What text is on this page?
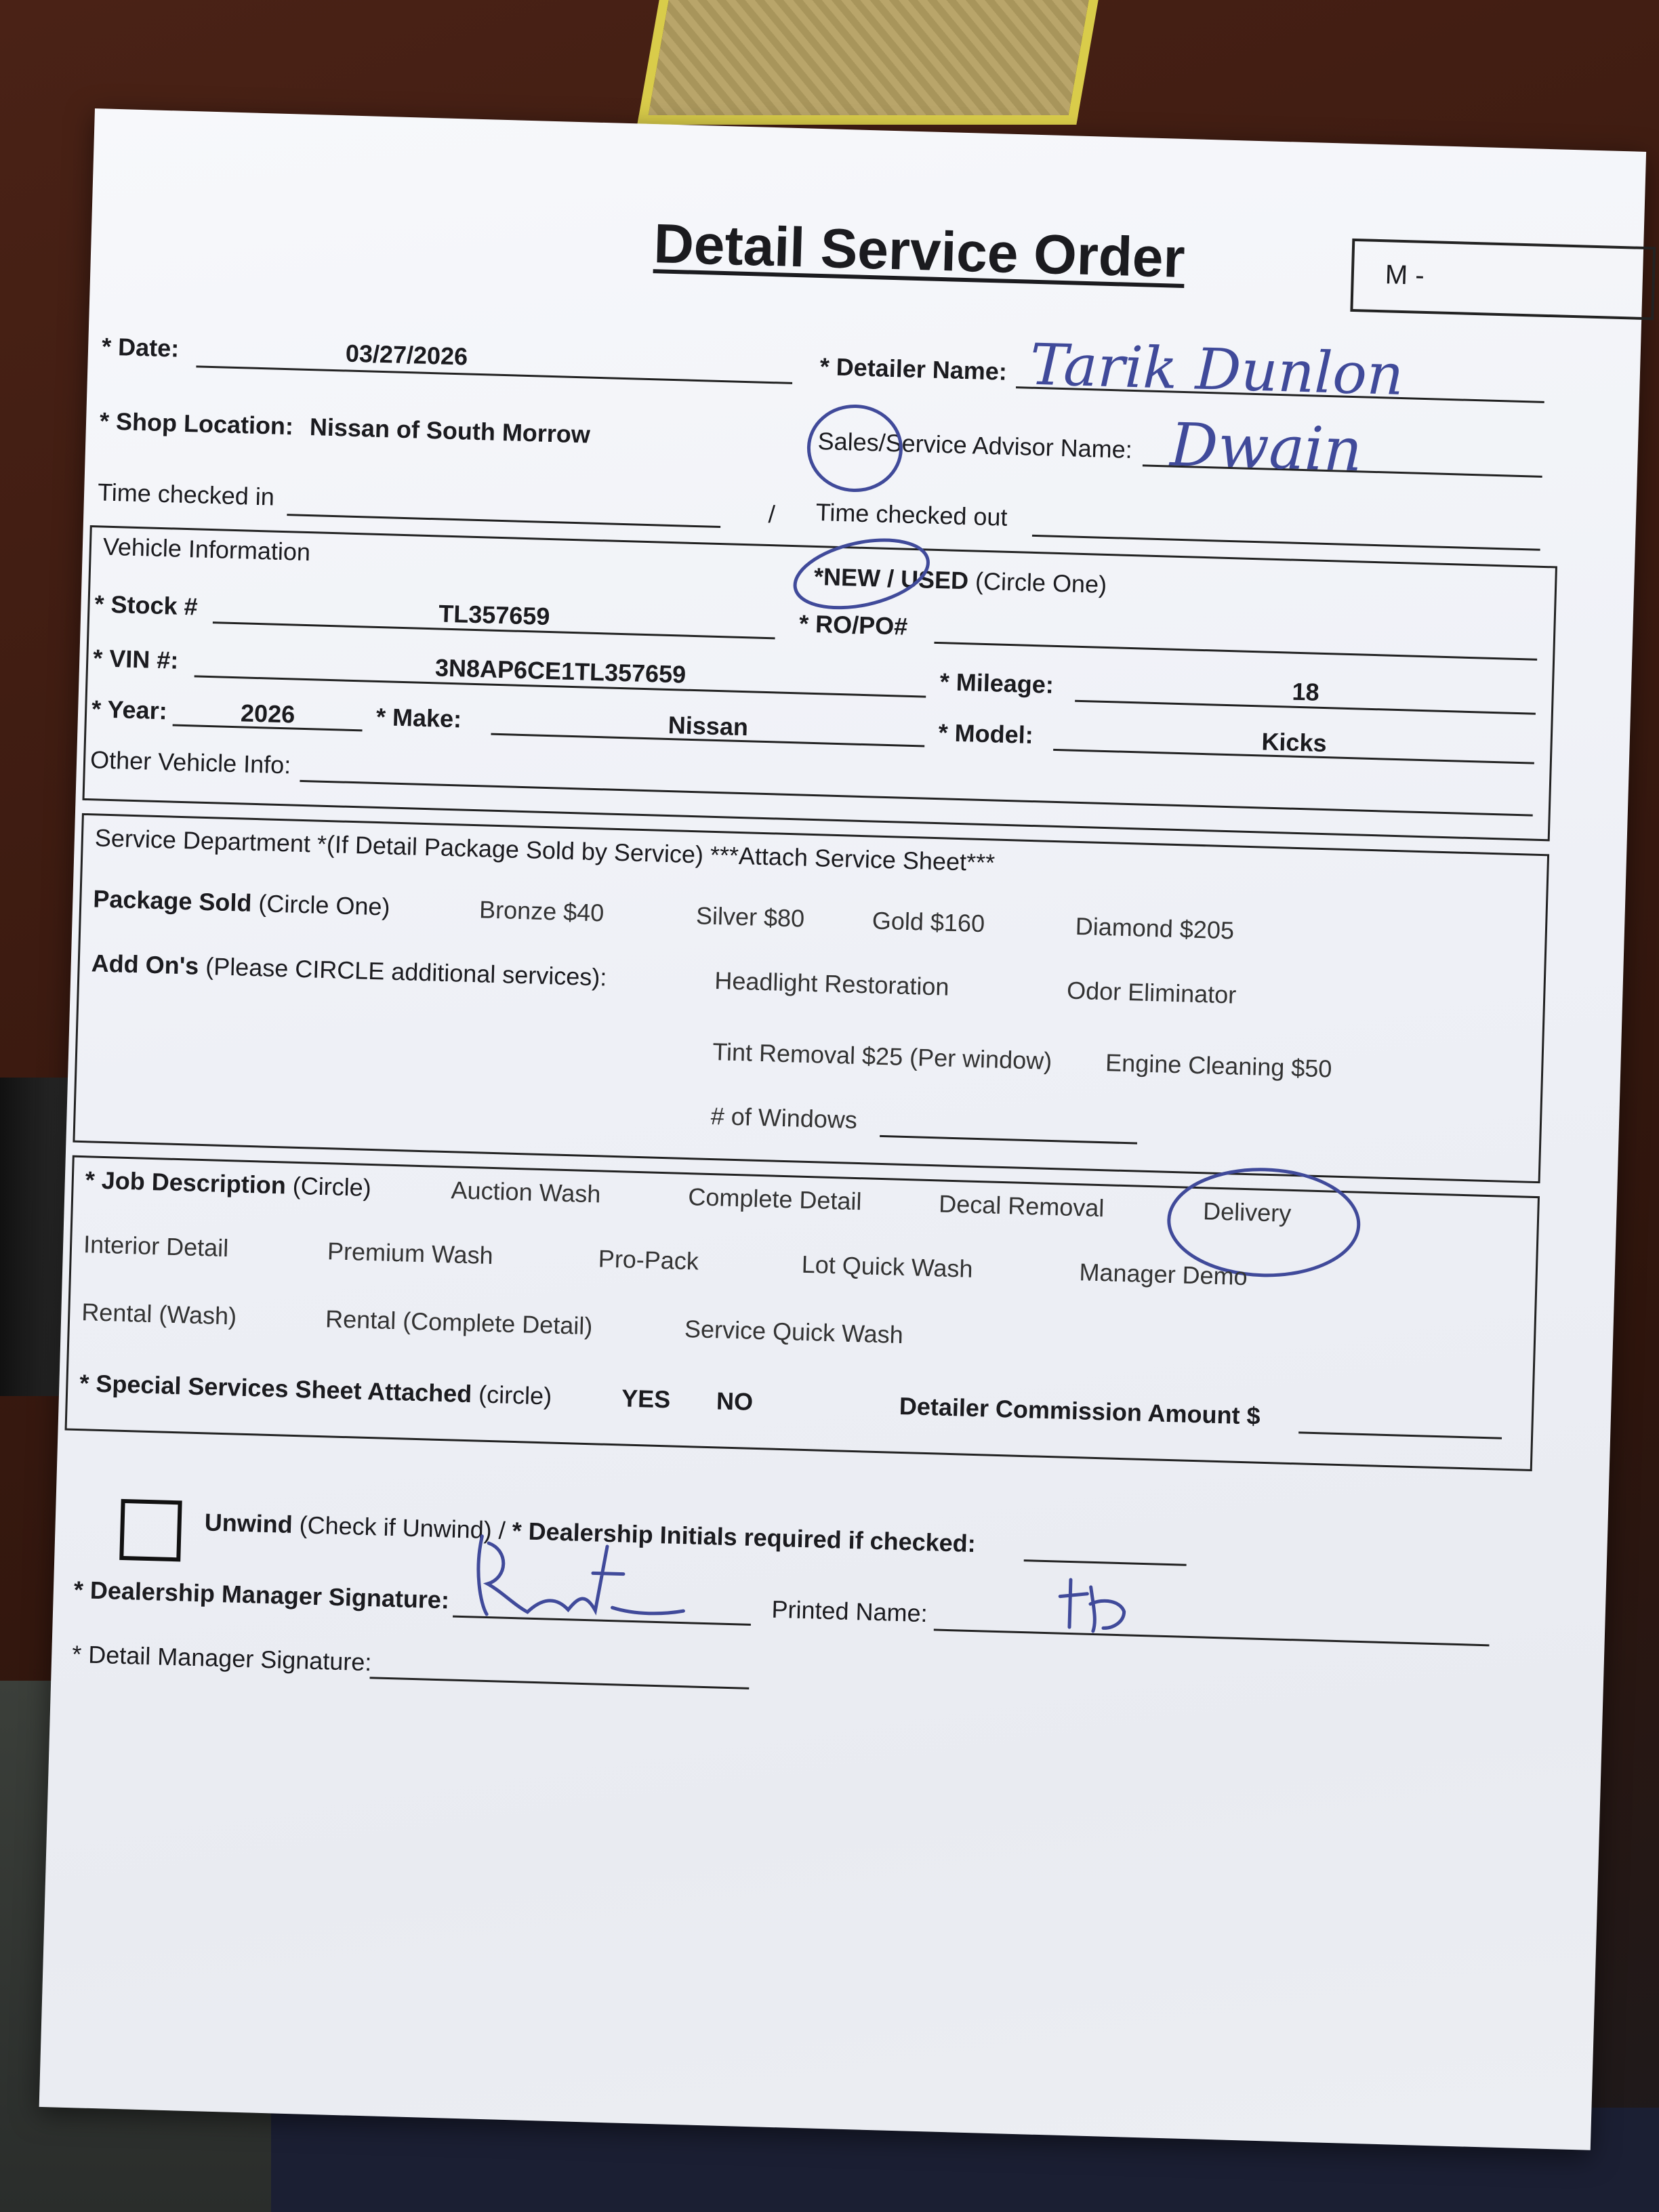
Detail Service Order	M -
* Date:	03/27/2026	* Detailer Name: Tarik Dunlon
* Shop Location: Nissan of South Morrow	Sales/Service Advisor Name: Dwain
Time checked in
/ Time checked out
Vehicle Information
*NEW / USED (Circle One)
* Stock #	TL357659	* RO/PO#
* VIN #:	3N8AP6CE1TL357659	* Mileage:	18
* Year:	2026	* Make:	Nissan	* Model:	Kicks
Other Vehicle Info:
Service Department *(If Detail Package Sold by Service) ***Attach Service Sheet***
Package Sold (Circle One)	Bronze $40	Silver $80	Gold $160	Diamond $205
Add On's (Please CIRCLE additional services):	Headlight Restoration	Odor Eliminator
Tint Removal $25 (Per window) Engine Cleaning $50
# of Windows
* Job Description (Circle)	Auction Wash	Complete Detail	Decal Removal	Delivery
Interior Detail	Premium Wash	Pro-Pack	Lot Quick Wash	Manager Demo
Rental (Wash)	Rental (Complete Detail)	Service Quick Wash
* Special Services Sheet Attached (circle)	YES NO	Detailer Commission Amount $
Unwind (Check if Unwind) / * Dealership Initials required if checked:
* Dealership Manager Signature:	Printed Name:
* Detail Manager Signature:
